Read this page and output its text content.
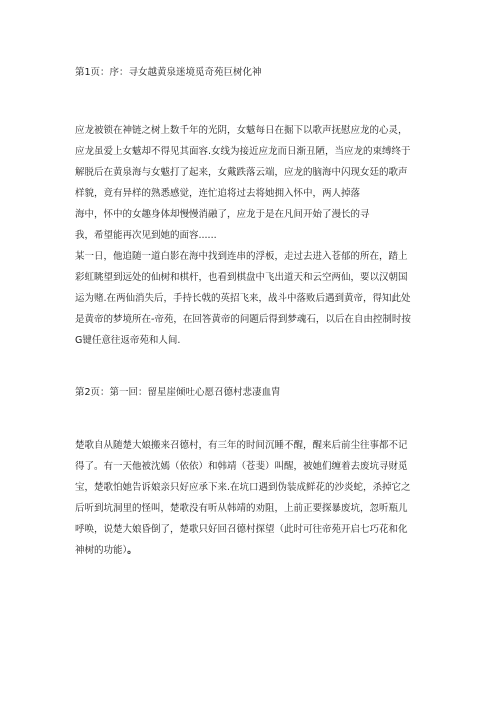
第1页：序：寻女越黄泉迷境觅奇苑巨树化神

应龙被锁在神链之树上数千年的光阴，女魃每日在掘下以歌声抚慰应龙的心灵，
应龙虽爱上女魃却不得见其面容.女线为接近应龙而日渐丑陋，当应龙的束缚终于
解脱后在黄泉海与女魃打了起来，女戴跌落云端，应龙的脑海中闪现女廷的歌声
样貌，竟有异样的熟悉感觉，连忙追将过去将她拥入怀中，两人掉落
海中，怀中的女趣身体却慢慢消融了，应龙于是在凡间开始了漫长的寻
我，希望能再次见到她的面容......
某一日，他追随一道白影在海中找到连串的浮板，走过去进入苍郁的所在，踏上
彩虹眺望到远处的仙树和棋杆，也看到棋盘中飞出道天和云空两仙，要以汉朝国
运为赌.在两仙消失后，手持长戟的英招飞来，战斗中落败后遇到黄帝，得知此处
是黄帝的梦境所在-帝苑，在回答黄帝的问题后得到梦魂石，以后在自由控制时按
G键任意往返帝苑和人间.

第2页：第一回：留星崖倾吐心愿召德村悲凄血胄

楚歌自从随楚大娘搬来召德村，有三年的时间沉睡不醒，醒来后前尘往事都不记
得了。有一天他被沈嫣（依依）和韩靖（苍斐）叫醒，被她们缠着去废坑寻财觅
宝，楚歌怕她告诉娘亲只好应承下来.在坑口遇到伪装成鲜花的沙炎蛇，杀掉它之
后听到坑洞里的怪叫，楚歌没有听从韩靖的劝阻，上前正要探暴废坑，忽听瓶儿
呼唤，说楚大娘昏倒了，楚歌只好回召德村探望（此时可往帝苑开启七巧花和化
神树的功能）。
